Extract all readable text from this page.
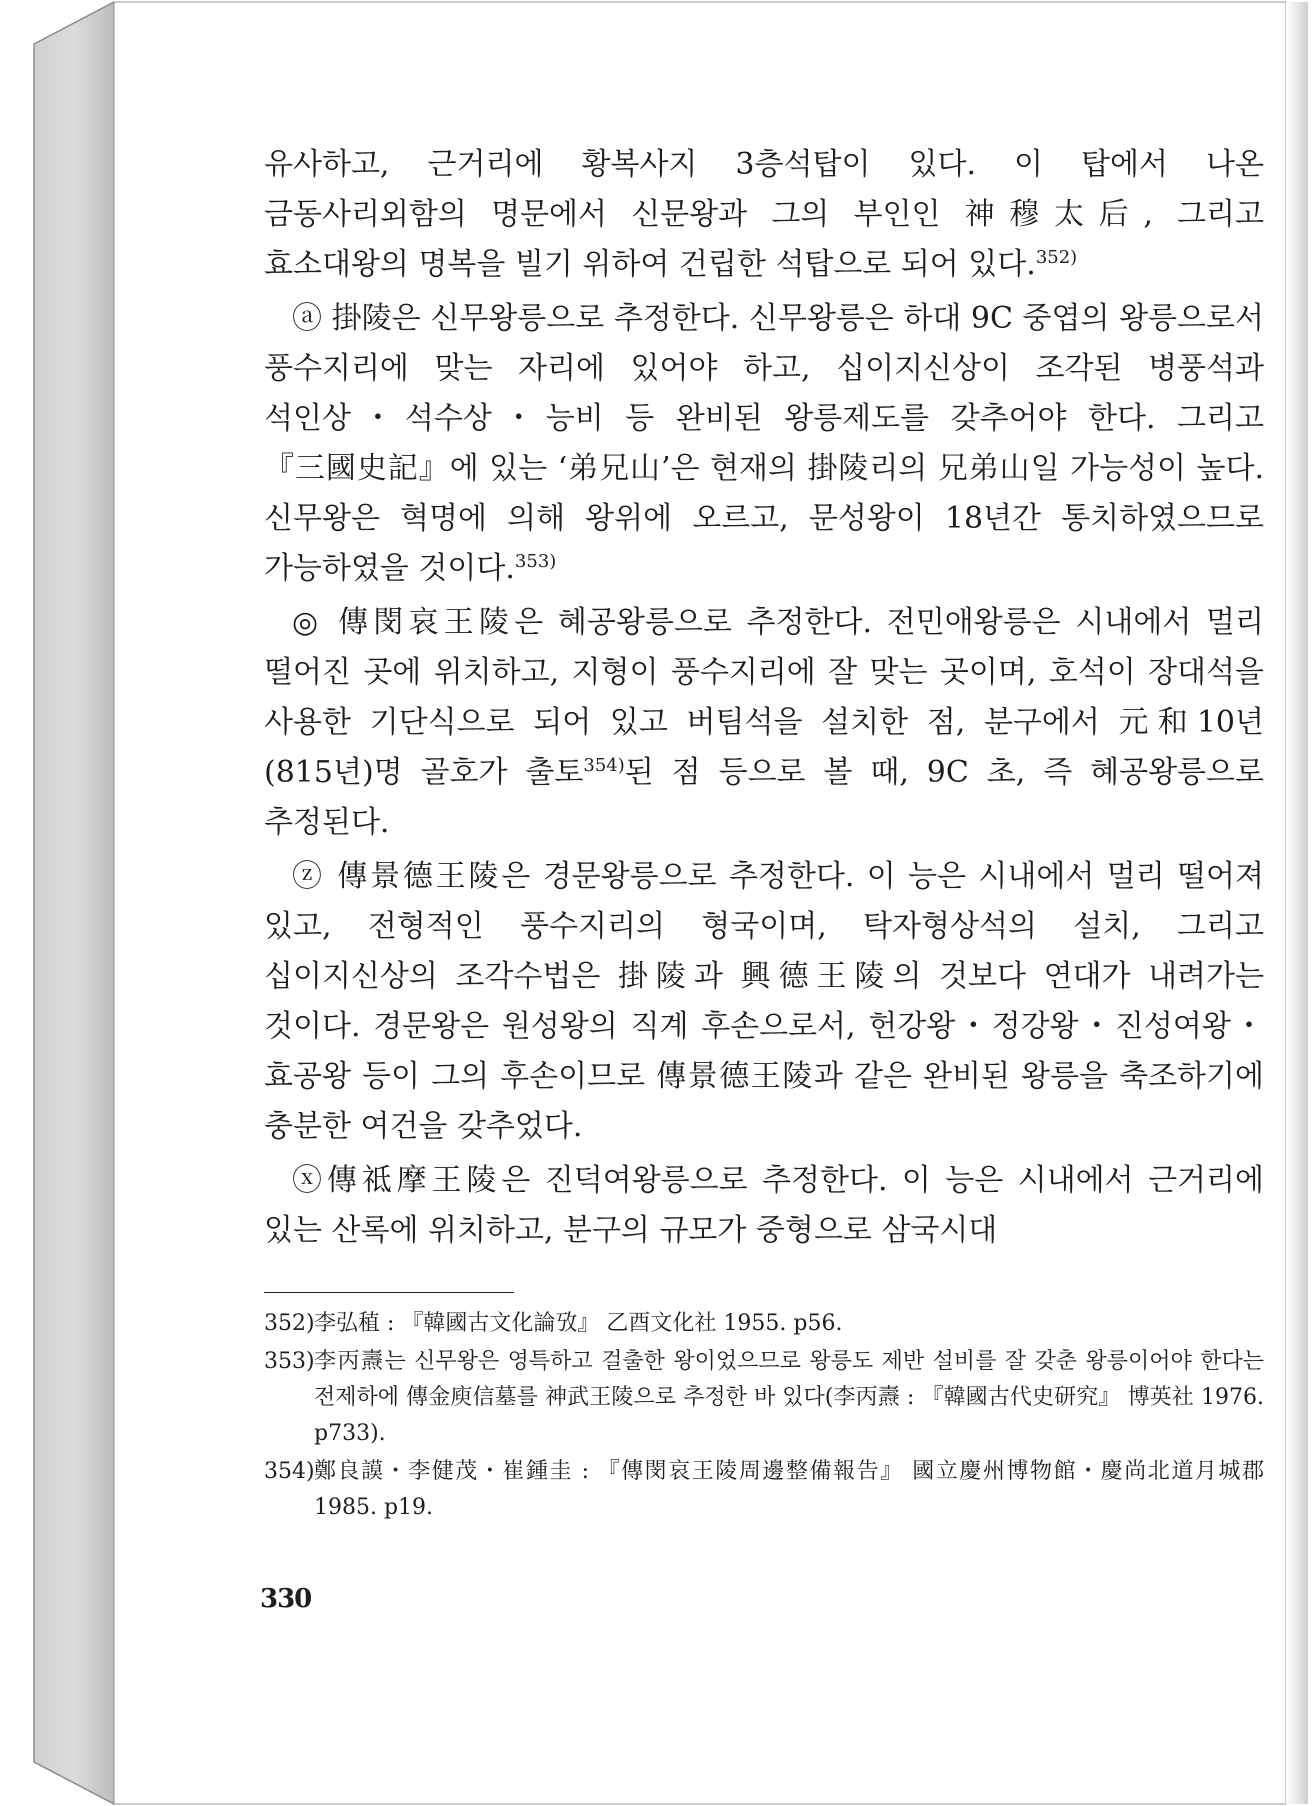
유사하고, 근거리에 황복사지 3층석탑이 있다. 이 탑에서 나온 금동사리외함의 명문에서 신문왕과 그의 부인인 神穆太后, 그리고 효소대왕의 명복을 빌기 위하여 건립한 석탑으로 되어 있다.$^{352)}$

ⓐ 掛陵은 신무왕릉으로 추정한다. 신무왕릉은 하대 9C 중엽의 왕릉으로서 풍수지리에 맞는 자리에 있어야 하고, 십이지신상이 조각된 병풍석과 석인상・석수상・능비 등 완비된 왕릉제도를 갖추어야 한다. 그리고 『三國史記』에 있는 ‘弟兄山’은 현재의 掛陵리의 兄弟山일 가능성이 높다. 신무왕은 혁명에 의해 왕위에 오르고, 문성왕이 18년간 통치하였으므로 가능하였을 것이다.$^{353)}$

◎ 傳閔哀王陵은 혜공왕릉으로 추정한다. 전민애왕릉은 시내에서 멀리 떨어진 곳에 위치하고, 지형이 풍수지리에 잘 맞는 곳이며, 호석이 장대석을 사용한 기단식으로 되어 있고 버팀석을 설치한 점, 분구에서 元和10년(815년)명 골호가 출토$^{354)}$된 점 등으로 볼 때, 9C 초, 즉 혜공왕릉으로 추정된다.

ⓩ 傳景德王陵은 경문왕릉으로 추정한다. 이 능은 시내에서 멀리 떨어져 있고, 전형적인 풍수지리의 형국이며, 탁자형상석의 설치, 그리고 십이지신상의 조각수법은 掛陵과 興德王陵의 것보다 연대가 내려가는 것이다. 경문왕은 원성왕의 직계 후손으로서, 헌강왕・정강왕・진성여왕・효공왕 등이 그의 후손이므로 傳景德王陵과 같은 완비된 왕릉을 축조하기에 충분한 여건을 갖추었다.

ⓧ傳祗摩王陵은 진덕여왕릉으로 추정한다. 이 능은 시내에서 근거리에 있는 산록에 위치하고, 분구의 규모가 중형으로 삼국시대

352) 李弘稙 : 『韓國古文化論攷』 乙酉文化社 1955. p56.
353) 李丙燾는 신무왕은 영특하고 걸출한 왕이었으므로 왕릉도 제반 설비를 잘 갖춘 왕릉이어야 한다는 전제하에 傳金庾信墓를 神武王陵으로 추정한 바 있다(李丙燾 : 『韓國古代史研究』 博英社 1976. p733).
354) 鄭良謨・李健茂・崔鍾圭 : 『傳閔哀王陵周邊整備報告』 國立慶州博物館・慶尚北道月城郡 1985. p19.
330
